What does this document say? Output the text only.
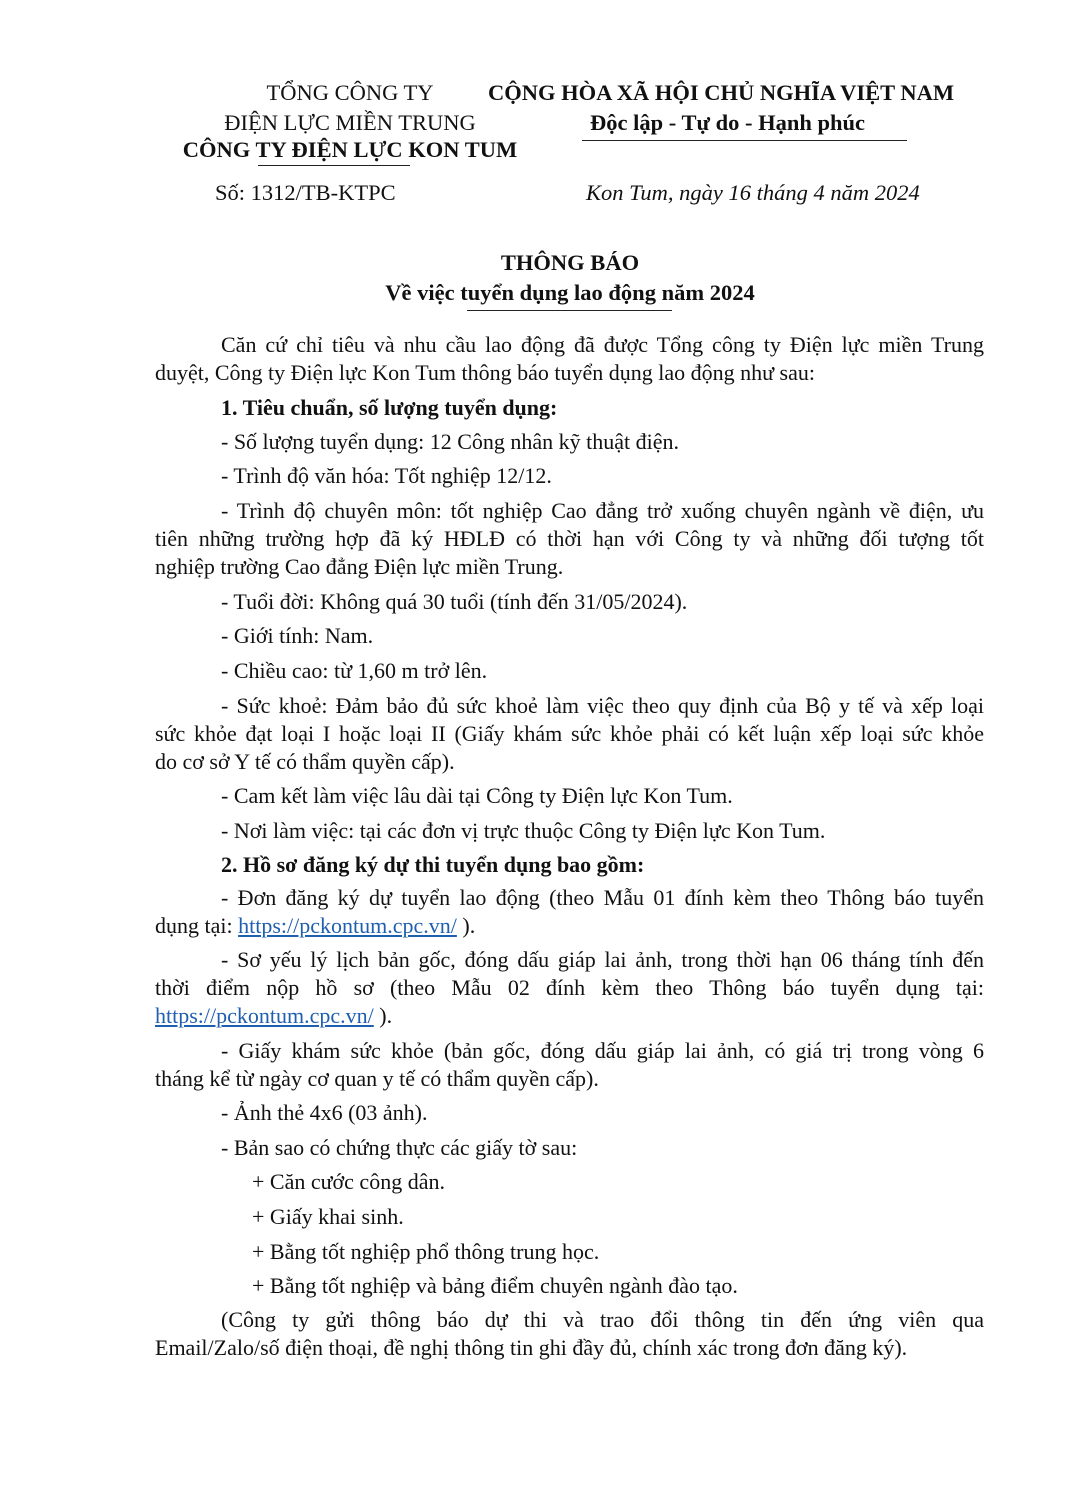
TỔNG CÔNG TY
ĐIỆN LỰC MIỀN TRUNG
CÔNG TY ĐIỆN LỰC KON TUM
Số: 1312/TB-KTPC
CỘNG HÒA XÃ HỘI CHỦ NGHĨA VIỆT NAM
Độc lập - Tự do - Hạnh phúc
Kon Tum, ngày 16 tháng 4 năm 2024
THÔNG BÁO
Về việc tuyển dụng lao động năm 2024
Căn cứ chỉ tiêu và nhu cầu lao động đã được Tổng công ty Điện lực miền Trung
duyệt, Công ty Điện lực Kon Tum thông báo tuyển dụng lao động như sau:
1. Tiêu chuẩn, số lượng tuyển dụng:
- Số lượng tuyển dụng: 12 Công nhân kỹ thuật điện.
- Trình độ văn hóa: Tốt nghiệp 12/12.
- Trình độ chuyên môn: tốt nghiệp Cao đẳng trở xuống chuyên ngành về điện, ưu
tiên những trường hợp đã ký HĐLĐ có thời hạn với Công ty và những đối tượng tốt
nghiệp trường Cao đẳng Điện lực miền Trung.
- Tuổi đời: Không quá 30 tuổi (tính đến 31/05/2024).
- Giới tính: Nam.
- Chiều cao: từ 1,60 m trở lên.
- Sức khoẻ: Đảm bảo đủ sức khoẻ làm việc theo quy định của Bộ y tế và xếp loại
sức khỏe đạt loại I hoặc loại II (Giấy khám sức khỏe phải có kết luận xếp loại sức khỏe
do cơ sở Y tế có thẩm quyền cấp).
- Cam kết làm việc lâu dài tại Công ty Điện lực Kon Tum.
- Nơi làm việc: tại các đơn vị trực thuộc Công ty Điện lực Kon Tum.
2. Hồ sơ đăng ký dự thi tuyển dụng bao gồm:
- Đơn đăng ký dự tuyển lao động (theo Mẫu 01 đính kèm theo Thông báo tuyển
dụng tại: https://pckontum.cpc.vn/ ).
- Sơ yếu lý lịch bản gốc, đóng dấu giáp lai ảnh, trong thời hạn 06 tháng tính đến
thời điểm nộp hồ sơ (theo Mẫu 02 đính kèm theo Thông báo tuyển dụng tại:
https://pckontum.cpc.vn/ ).
- Giấy khám sức khỏe (bản gốc, đóng dấu giáp lai ảnh, có giá trị trong vòng 6
tháng kể từ ngày cơ quan y tế có thẩm quyền cấp).
- Ảnh thẻ 4x6 (03 ảnh).
- Bản sao có chứng thực các giấy tờ sau:
+ Căn cước công dân.
+ Giấy khai sinh.
+ Bằng tốt nghiệp phổ thông trung học.
+ Bằng tốt nghiệp và bảng điểm chuyên ngành đào tạo.
(Công ty gửi thông báo dự thi và trao đổi thông tin đến ứng viên qua
Email/Zalo/số điện thoại, đề nghị thông tin ghi đầy đủ, chính xác trong đơn đăng ký).
